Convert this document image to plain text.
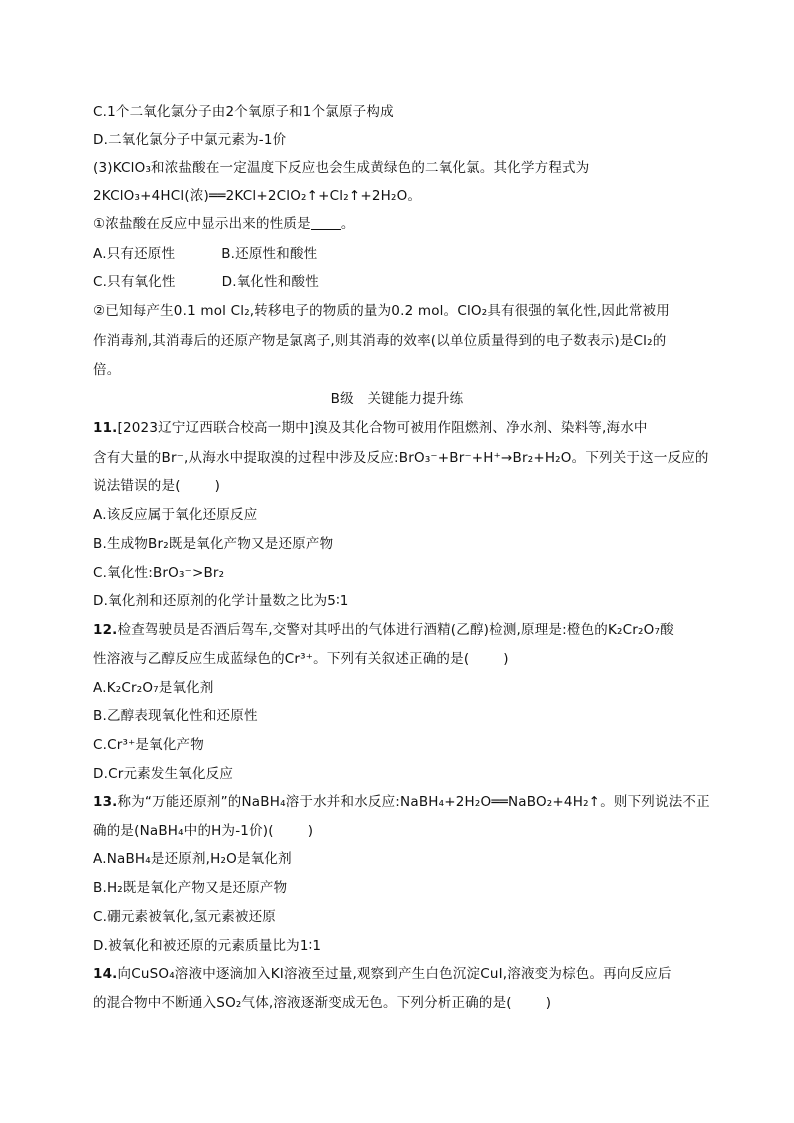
C.1个二氧化氯分子由2个氧原子和1个氯原子构成
D.二氧化氯分子中氯元素为-1价
(3)KClO₃和浓盐酸在一定温度下反应也会生成黄绿色的二氧化氯。其化学方程式为
2KClO₃+4HCl(浓)══2KCl+2ClO₂↑+Cl₂↑+2H₂O。
①浓盐酸在反应中显示出来的性质是 。
A.只有还原性	B.还原性和酸性
C.只有氧化性	D.氧化性和酸性
②已知每产生0.1 mol Cl₂,转移电子的物质的量为0.2 mol。ClO₂具有很强的氧化性,因此常被用
作消毒剂,其消毒后的还原产物是氯离子,则其消毒的效率(以单位质量得到的电子数表示)是Cl₂的
倍。
B级　关键能力提升练
11.[2023辽宁辽西联合校高一期中]溴及其化合物可被用作阻燃剂、净水剂、染料等,海水中
含有大量的Br⁻,从海水中提取溴的过程中涉及反应:BrO₃⁻+Br⁻+H⁺→Br₂+H₂O。下列关于这一反应的
说法错误的是(	)
A.该反应属于氧化还原反应
B.生成物Br₂既是氧化产物又是还原产物
C.氧化性:BrO₃⁻>Br₂
D.氧化剂和还原剂的化学计量数之比为5∶1
12.检查驾驶员是否酒后驾车,交警对其呼出的气体进行酒精(乙醇)检测,原理是:橙色的K₂Cr₂O₇酸
性溶液与乙醇反应生成蓝绿色的Cr³⁺。下列有关叙述正确的是(	)
A.K₂Cr₂O₇是氧化剂
B.乙醇表现氧化性和还原性
C.Cr³⁺是氧化产物
D.Cr元素发生氧化反应
13.称为“万能还原剂”的NaBH₄溶于水并和水反应:NaBH₄+2H₂O══NaBO₂+4H₂↑。则下列说法不正
确的是(NaBH₄中的H为-1价)(	)
A.NaBH₄是还原剂,H₂O是氧化剂
B.H₂既是氧化产物又是还原产物
C.硼元素被氧化,氢元素被还原
D.被氧化和被还原的元素质量比为1∶1
14.向CuSO₄溶液中逐滴加入KI溶液至过量,观察到产生白色沉淀CuI,溶液变为棕色。再向反应后
的混合物中不断通入SO₂气体,溶液逐渐变成无色。下列分析正确的是(	)
